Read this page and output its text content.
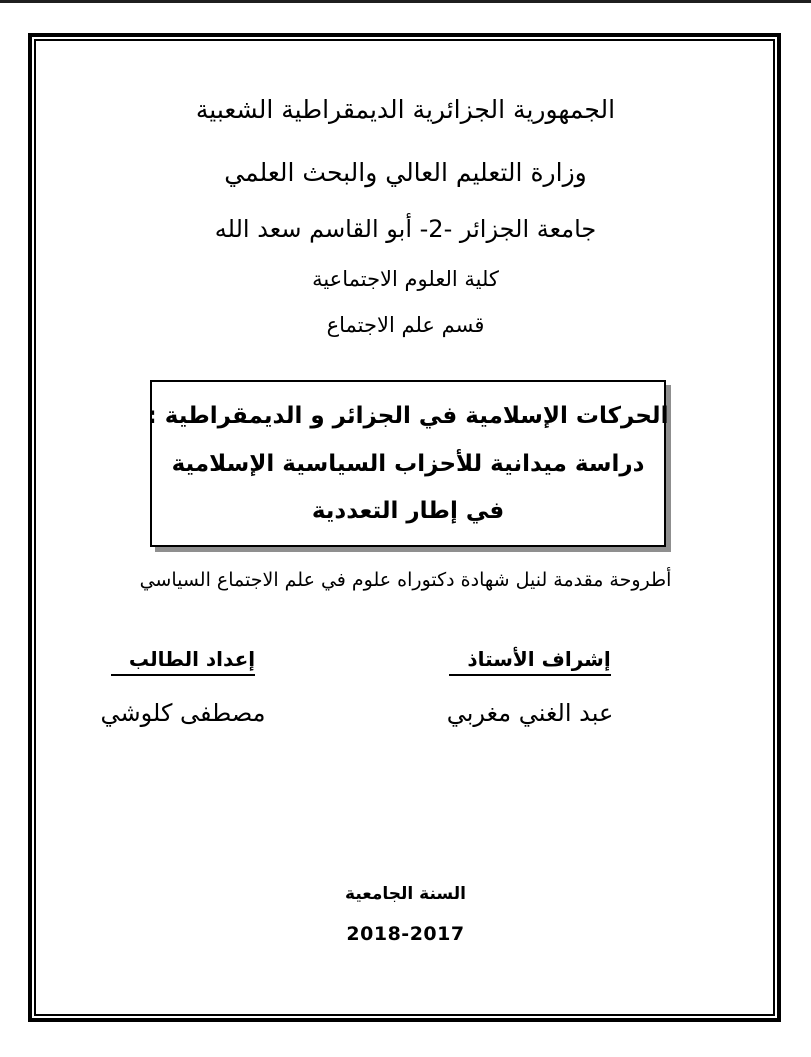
الجمهورية الجزائرية الديمقراطية الشعبية
وزارة التعليم العالي والبحث العلمي
جامعة الجزائر -2- أبو القاسم سعد الله
كلية العلوم الاجتماعية
قسم علم الاجتماع
الحركات الإسلامية في الجزائر و الديمقراطية :
دراسة ميدانية للأحزاب السياسية الإسلامية
في إطار التعددية
أطروحة مقدمة لنيل شهادة دكتوراه علوم في علم الاجتماع السياسي
إشراف الأستاذ
عبد الغني مغربي
إعداد الطالب
مصطفى كلوشي
السنة الجامعية
2018-2017
